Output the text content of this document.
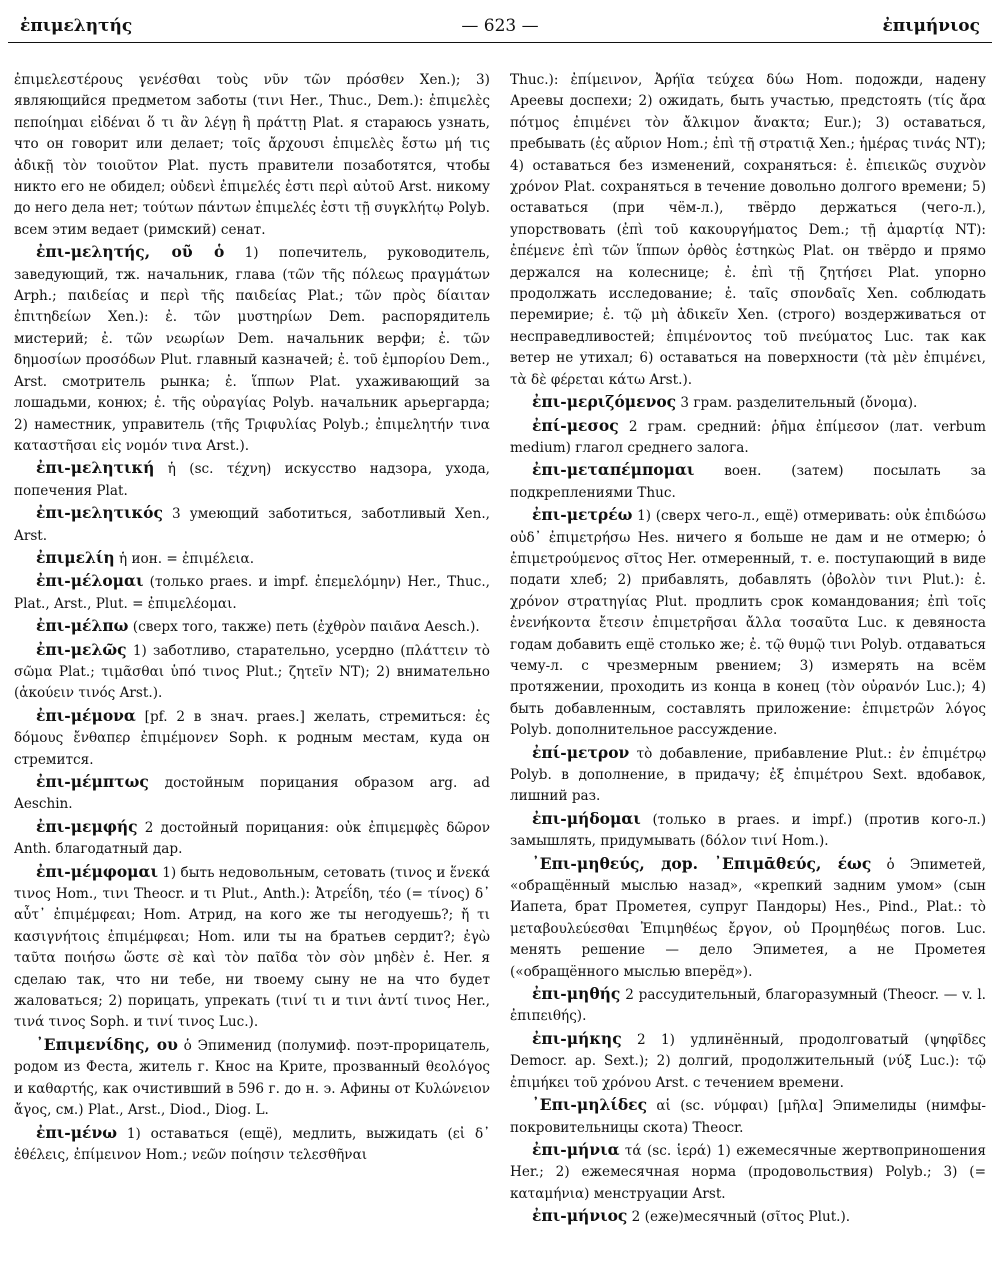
ἐπιμελητής	— 623 —	ἐπιμήνιος

ἐπιμελεστέρους γενέσθαι τοὺς νῦν τῶν πρόσθεν Xen.); 3) являющийся предметом заботы (τινι Her., Thuc., Dem.): ἐπιμελὲς πεποίημαι εἰδέναι ὅ τι ἂν λέγῃ ἢ πράττῃ Plat. я стараюсь узнать, что он говорит или делает; τοῖς ἄρχουσι ἐπιμελὲς ἔστω μή τις ἀδικῇ τὸν τοιοῦτον Plat. пусть правители позаботятся, чтобы никто его не обидел; οὐδενὶ ἐπιμελές ἐστι περὶ αὐτοῦ Arst. никому до него дела нет; τούτων πάντων ἐπιμελές ἐστι τῇ συγκλήτῳ Polyb. всем этим ведает (римский) сенат.

ἐπι-μελητής, οῦ ὁ 1) попечитель, руководитель, заведующий, тж. начальник, глава (τῶν τῆς πόλεως πραγμάτων Arph.; παιδείας и περὶ τῆς παιδείας Plat.; τῶν πρὸς δίαιταν ἐπιτηδείων Xen.): ἐ. τῶν μυστηρίων Dem. распорядитель мистерий; ἐ. τῶν νεωρίων Dem. начальник верфи; ἐ. τῶν δημοσίων προσόδων Plut. главный казначей; ἐ. τοῦ ἐμπορίου Dem., Arst. смотритель рынка; ἐ. ἵππων Plat. ухаживающий за лошадьми, конюх; ἐ. τῆς οὐραγίας Polyb. начальник арьергарда; 2) наместник, управитель (τῆς Τριφυλίας Polyb.; ἐπιμελητήν τινα καταστῆσαι εἰς νομόν τινα Arst.).

ἐπι-μελητική ἡ (sc. τέχνη) искусство надзора, ухода, попечения Plat.

ἐπι-μελητικός 3 умеющий заботиться, заботливый Xen., Arst.

ἐπιμελίη ἡ ион. = ἐπιμέλεια.

ἐπι-μέλομαι (только praes. и impf. ἐπεμελόμην) Her., Thuc., Plat., Arst., Plut. = ἐπιμελέομαι.

ἐπι-μέλπω (сверх того, также) петь (ἐχθρὸν παιᾶνα Aesch.).

ἐπι-μελῶς 1) заботливо, старательно, усердно (πλάττειν τὸ σῶμα Plat.; τιμᾶσθαι ὑπό τινος Plut.; ζητεῖν NT); 2) внимательно (ἀκούειν τινός Arst.).

ἐπι-μέμονα [pf. 2 в знач. praes.] желать, стремиться: ἐς δόμους ἔνθαπερ ἐπιμέμονεν Soph. к родным местам, куда он стремится.

ἐπι-μέμπτως достойным порицания образом arg. ad Aeschin.

ἐπι-μεμφής 2 достойный порицания: οὐκ ἐπιμεμφὲς δῶρον Anth. благодатный дар.

ἐπι-μέμφομαι 1) быть недовольным, сетовать (τινος и ἕνεκά τινος Hom., τινι Theocr. и τι Plut., Anth.): Ἀτρεΐδη, τέο (= τίνος) δ᾽ αὖτ᾽ ἐπιμέμφεαι; Hom. Атрид, на кого же ты негодуешь?; ἤ τι κασιγνήτοις ἐπιμέμφεαι; Hom. или ты на братьев сердит?; ἐγὼ ταῦτα ποιήσω ὥστε σὲ καὶ τὸν παῖδα τὸν σὸν μηδὲν ἐ. Her. я сделаю так, что ни тебе, ни твоему сыну не на что будет жаловаться; 2) порицать, упрекать (τινί τι и τινι ἀντί τινος Her., τινά τινος Soph. и τινί τινος Luc.).

᾽Επιμενίδης, ου ὁ Эпименид (полумиф. поэт-прорицатель, родом из Феста, житель г. Кнос на Крите, прозванный θεολόγος и καθαρτής, как очистивший в 596 г. до н. э. Афины от Κυλώνειον ἄγος, см.) Plat., Arst., Diod., Diog. L.

ἐπι-μένω 1) оставаться (ещё), медлить, выжидать (εἰ δ᾽ ἐθέλεις, ἐπίμεινον Hom.; νεῶν ποίησιν τελεσθῆναι

Thuc.): ἐπίμεινον, Ἀρήϊα τεύχεα δύω Hom. подожди, надену Ареевы доспехи; 2) ожидать, быть участью, предстоять (τίς ἄρα πότμος ἐπιμένει τὸν ἄλκιμον ἄνακτα; Eur.); 3) оставаться, пребывать (ἐς αὔριον Hom.; ἐπὶ τῇ στρατιᾷ Xen.; ἡμέρας τινάς NT); 4) оставаться без изменений, сохраняться: ἐ. ἐπιεικῶς συχνὸν χρόνον Plat. сохраняться в течение довольно долгого времени; 5) оставаться (при чём-л.), твёрдо держаться (чего-л.), упорствовать (ἐπὶ τοῦ κακουργήματος Dem.; τῇ ἁμαρτίᾳ NT): ἐπέμενε ἐπὶ τῶν ἵππων ὀρθὸς ἑστηκὼς Plat. он твёрдо и прямо держался на колеснице; ἐ. ἐπὶ τῇ ζητήσει Plat. упорно продолжать исследование; ἐ. ταῖς σπονδαῖς Xen. соблюдать перемирие; ἐ. τῷ μὴ ἀδικεῖν Xen. (строго) воздерживаться от несправедливостей; ἐπιμένοντος τοῦ πνεύματος Luc. так как ветер не утихал; 6) оставаться на поверхности (τὰ μὲν ἐπιμένει, τὰ δὲ φέρεται κάτω Arst.).

ἐπι-μεριζόμενος 3 грам. разделительный (ὄνομα).

ἐπί-μεσος 2 грам. средний: ῥῆμα ἐπίμεσον (лат. verbum medium) глагол среднего залога.

ἐπι-μεταπέμπομαι воен. (затем) посылать за подкреплениями Thuc.

ἐπι-μετρέω 1) (сверх чего-л., ещё) отмеривать: οὐκ ἐπιδώσω οὐδ᾽ ἐπιμετρήσω Hes. ничего я больше не дам и не отмерю; ὁ ἐπιμετρούμενος σῖτος Her. отмеренный, т. е. поступающий в виде подати хлеб; 2) прибавлять, добавлять (ὀβολὸν τινι Plut.): ἐ. χρόνον στρατηγίας Plut. продлить срок командования; ἐπὶ τοῖς ἐνενήκοντα ἔτεσιν ἐπιμετρῆσαι ἄλλα τοσαῦτα Luc. к девяноста годам добавить ещё столько же; ἐ. τῷ θυμῷ τινι Polyb. отдаваться чему-л. с чрезмерным рвением; 3) измерять на всём протяжении, проходить из конца в конец (τὸν οὐρανόν Luc.); 4) быть добавленным, составлять приложение: ἐπιμετρῶν λόγος Polyb. дополнительное рассуждение.

ἐπί-μετρον τὸ добавление, прибавление Plut.: ἐν ἐπιμέτρῳ Polyb. в дополнение, в придачу; ἐξ ἐπιμέτρου Sext. вдобавок, лишний раз.

ἐπι-μήδομαι (только в praes. и impf.) (против кого-л.) замышлять, придумывать (δόλον τινί Hom.).

᾽Επι-μηθεύς, дор. ᾽Επιμᾱθεύς, έως ὁ Эпиметей, «обращённый мыслью назад», «крепкий задним умом» (сын Иапета, брат Прометея, супруг Пандоры) Hes., Pind., Plat.: τὸ μεταβουλεύεσθαι Ἐπιμηθέως ἔργον, οὐ Προμηθέως погов. Luc. менять решение — дело Эпиметея, а не Прометея («обращённого мыслью вперёд»).

ἐπι-μηθής 2 рассудительный, благоразумный (Theocr. — v. l. ἐπιπειθής).

ἐπι-μήκης 2 1) удлинённый, продолговатый (ψηφῖδες Democr. ap. Sext.); 2) долгий, продолжительный (νύξ Luc.): τῷ ἐπιμήκει τοῦ χρόνου Arst. с течением времени.

᾽Επι-μηλίδες αἱ (sc. νύμφαι) [μῆλα] Эпимелиды (нимфы-покровительницы скота) Theocr.

ἐπι-μήνια τά (sc. ἱερά) 1) ежемесячные жертвоприношения Her.; 2) ежемесячная норма (продовольствия) Polyb.; 3) (= καταμήνια) менструации Arst.

ἐπι-μήνιος 2 (еже)месячный (σῖτος Plut.).
